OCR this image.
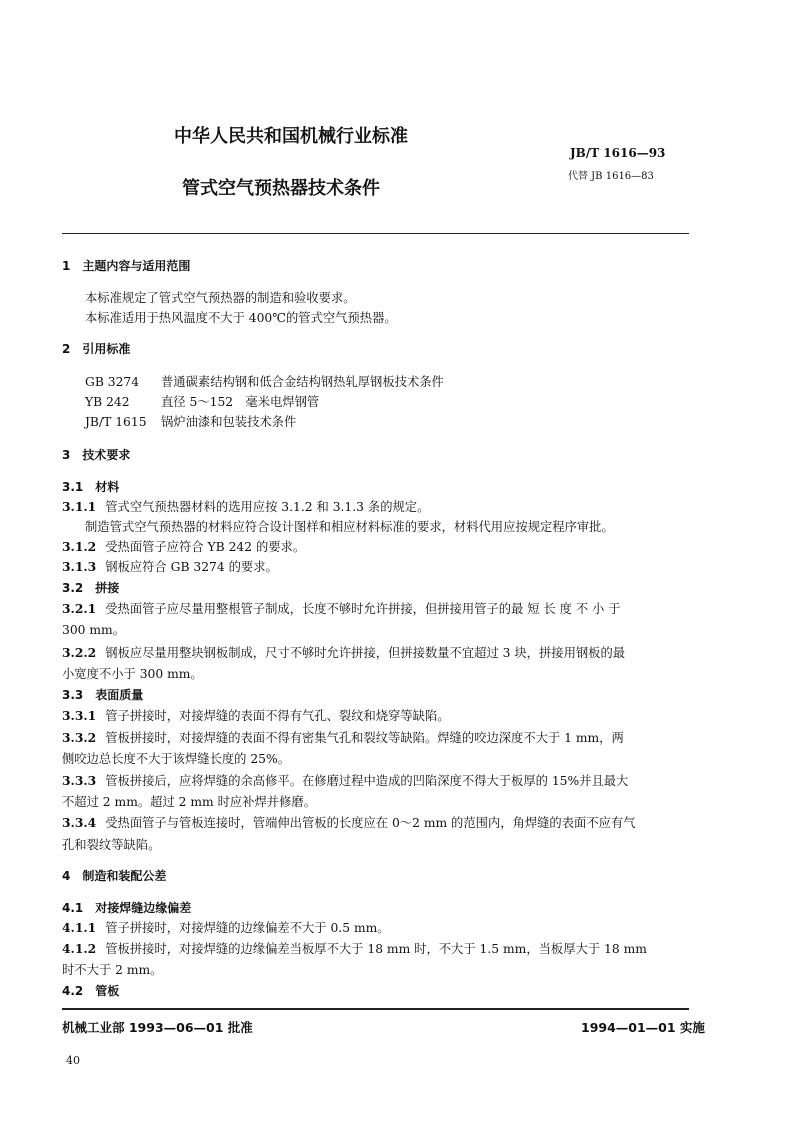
中华人民共和国机械行业标准
管式空气预热器技术条件
JB/T 1616—93
代替 JB 1616—83
1　主题内容与适用范围
本标准规定了管式空气预热器的制造和验收要求。
本标准适用于热风温度不大于 400℃的管式空气预热器。
2　引用标准
GB 3274 普通碳素结构钢和低合金结构钢热轧厚钢板技术条件
YB 242	直径 5～152　毫米电焊钢管
JB/T 1615 锅炉油漆和包装技术条件
3　技术要求
3.1　材料
3.1.1 管式空气预热器材料的选用应按 3.1.2 和 3.1.3 条的规定。
制造管式空气预热器的材料应符合设计图样和相应材料标准的要求，材料代用应按规定程序审批。
3.1.2 受热面管子应符合 YB 242 的要求。
3.1.3 钢板应符合 GB 3274 的要求。
3.2　拼接
3.2.1 受热面管子应尽量用整根管子制成，长度不够时允许拼接，但拼接用管子的最 短 长 度 不 小 于
300 mm。
3.2.2 钢板应尽量用整块钢板制成，尺寸不够时允许拼接，但拼接数量不宜超过 3 块，拼接用钢板的最
小宽度不小于 300 mm。
3.3　表面质量
3.3.1 管子拼接时，对接焊缝的表面不得有气孔、裂纹和烧穿等缺陷。
3.3.2 管板拼接时，对接焊缝的表面不得有密集气孔和裂纹等缺陷。焊缝的咬边深度不大于 1 mm，两
侧咬边总长度不大于该焊缝长度的 25%。
3.3.3 管板拼接后，应将焊缝的余高修平。在修磨过程中造成的凹陷深度不得大于板厚的 15%并且最大
不超过 2 mm。超过 2 mm 时应补焊并修磨。
3.3.4 受热面管子与管板连接时，管端伸出管板的长度应在 0～2 mm 的范围内，角焊缝的表面不应有气
孔和裂纹等缺陷。
4　制造和装配公差
4.1　对接焊缝边缘偏差
4.1.1 管子拼接时，对接焊缝的边缘偏差不大于 0.5 mm。
4.1.2 管板拼接时，对接焊缝的边缘偏差当板厚不大于 18 mm 时，不大于 1.5 mm，当板厚大于 18 mm
时不大于 2 mm。
4.2　管板
机械工业部 1993—06—01 批准	1994—01—01 实施
40
